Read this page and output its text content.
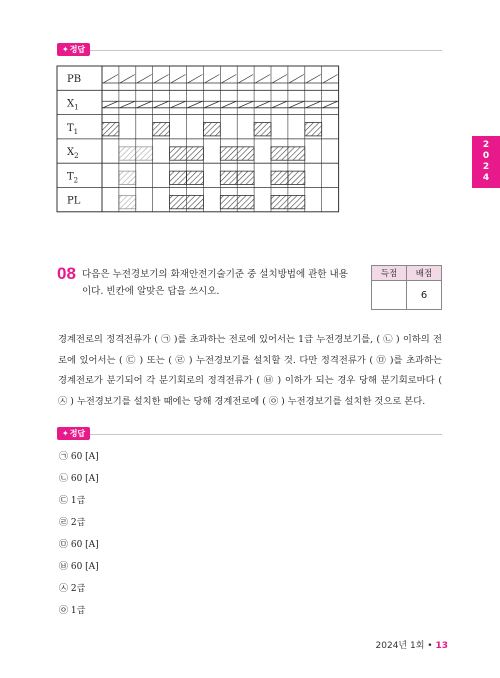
✦정답
2
0
2
4
PB
$X_1$
$T_1$
$X_2$
$T_2$
PL
08 다음은 누전경보기의 화재안전기술기준 중 설치방법에 관한 내용이다. 빈칸에 알맞은 답을 쓰시오.
득점	배점
	6
경계전로의 정격전류가 ( ㉠ )를 초과하는 전로에 있어서는 1급 누전경보기를, ( ㉡ ) 이하의 전로에 있어서는 ( ㉢ ) 또는 ( ㉣ ) 누전경보기를 설치할 것. 다만 정격전류가 ( ㉤ )를 초과하는 경계전로가 분기되어 각 분기회로의 정격전류가 ( ㉥ ) 이하가 되는 경우 당해 분기회로마다 ( ㉦ ) 누전경보기를 설치한 때에는 당해 경계전로에 ( ㉧ ) 누전경보기를 설치한 것으로 본다.
✦정답
㉠ 60 [A]
㉡ 60 [A]
㉢ 1급
㉣ 2급
㉤ 60 [A]
㉥ 60 [A]
㉦ 2급
㉧ 1급
2024년 1회 • 13
